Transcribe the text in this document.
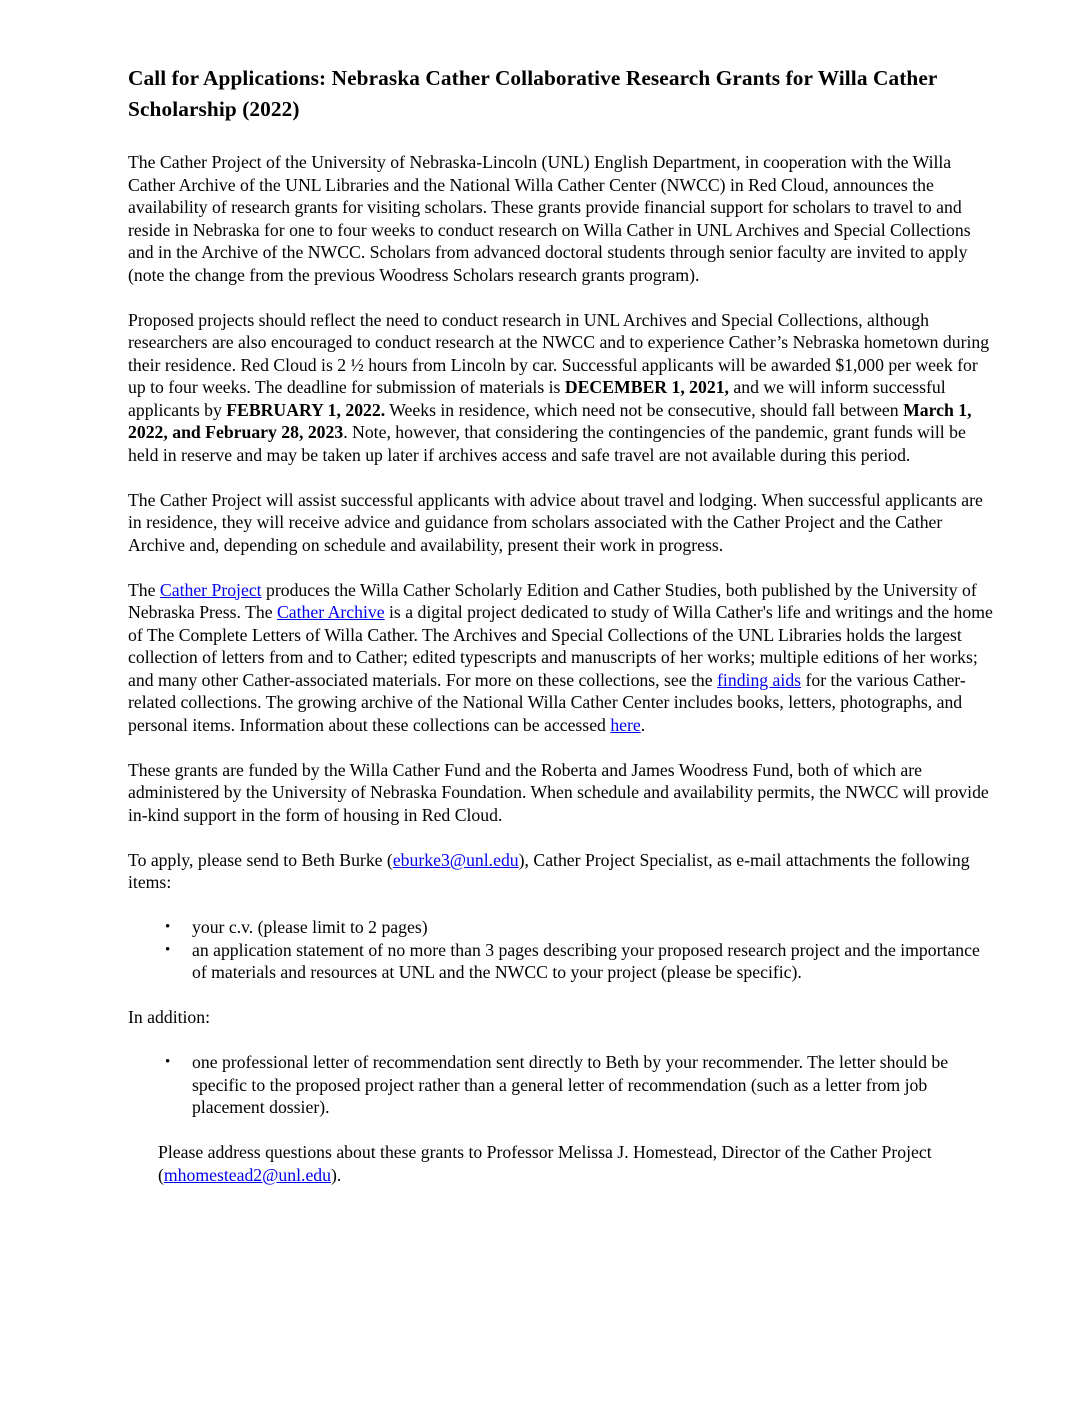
Call for Applications: Nebraska Cather Collaborative Research Grants for Willa Cather Scholarship (2022)

The Cather Project of the University of Nebraska-Lincoln (UNL) English Department, in cooperation with the Willa Cather Archive of the UNL Libraries and the National Willa Cather Center (NWCC) in Red Cloud, announces the availability of research grants for visiting scholars. These grants provide financial support for scholars to travel to and reside in Nebraska for one to four weeks to conduct research on Willa Cather in UNL Archives and Special Collections and in the Archive of the NWCC. Scholars from advanced doctoral students through senior faculty are invited to apply (note the change from the previous Woodress Scholars research grants program).

Proposed projects should reflect the need to conduct research in UNL Archives and Special Collections, although researchers are also encouraged to conduct research at the NWCC and to experience Cather’s Nebraska hometown during their residence. Red Cloud is 2 ½ hours from Lincoln by car. Successful applicants will be awarded $1,000 per week for up to four weeks. The deadline for submission of materials is DECEMBER 1, 2021, and we will inform successful applicants by FEBRUARY 1, 2022. Weeks in residence, which need not be consecutive, should fall between March 1, 2022, and February 28, 2023. Note, however, that considering the contingencies of the pandemic, grant funds will be held in reserve and may be taken up later if archives access and safe travel are not available during this period.

The Cather Project will assist successful applicants with advice about travel and lodging. When successful applicants are in residence, they will receive advice and guidance from scholars associated with the Cather Project and the Cather Archive and, depending on schedule and availability, present their work in progress.

The Cather Project produces the Willa Cather Scholarly Edition and Cather Studies, both published by the University of Nebraska Press. The Cather Archive is a digital project dedicated to study of Willa Cather's life and writings and the home of The Complete Letters of Willa Cather. The Archives and Special Collections of the UNL Libraries holds the largest collection of letters from and to Cather; edited typescripts and manuscripts of her works; multiple editions of her works; and many other Cather-associated materials. For more on these collections, see the finding aids for the various Cather-related collections. The growing archive of the National Willa Cather Center includes books, letters, photographs, and personal items. Information about these collections can be accessed here.

These grants are funded by the Willa Cather Fund and the Roberta and James Woodress Fund, both of which are administered by the University of Nebraska Foundation. When schedule and availability permits, the NWCC will provide in-kind support in the form of housing in Red Cloud.

To apply, please send to Beth Burke (eburke3@unl.edu), Cather Project Specialist, as e-mail attachments the following items:

• your c.v. (please limit to 2 pages)
• an application statement of no more than 3 pages describing your proposed research project and the importance of materials and resources at UNL and the NWCC to your project (please be specific).

In addition:

• one professional letter of recommendation sent directly to Beth by your recommender. The letter should be specific to the proposed project rather than a general letter of recommendation (such as a letter from job placement dossier).

Please address questions about these grants to Professor Melissa J. Homestead, Director of the Cather Project (mhomestead2@unl.edu).
